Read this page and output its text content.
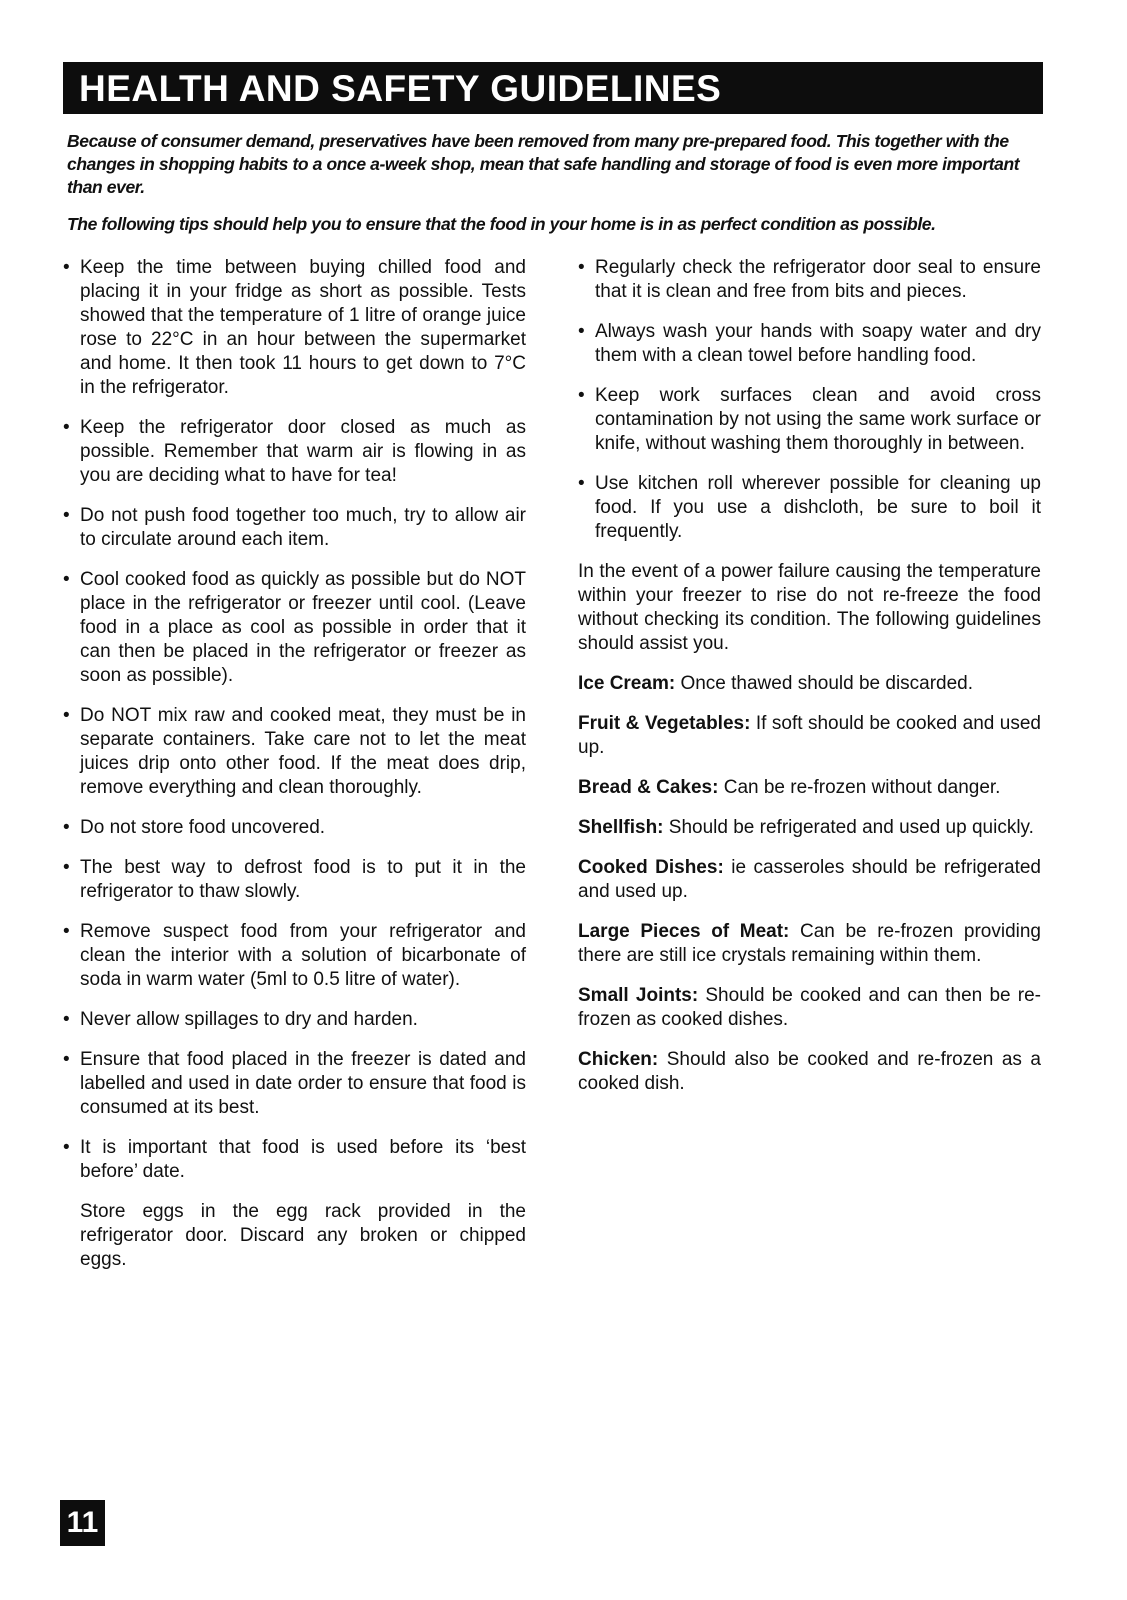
HEALTH AND SAFETY GUIDELINES

Because of consumer demand, preservatives have been removed from many pre-prepared food. This together with the changes in shopping habits to a once a-week shop, mean that safe handling and storage of food is even more important than ever.

The following tips should help you to ensure that the food in your home is in as perfect condition as possible.

• Keep the time between buying chilled food and placing it in your fridge as short as possible. Tests showed that the temperature of 1 litre of orange juice rose to 22°C in an hour between the supermarket and home. It then took 11 hours to get down to 7°C in the refrigerator.
• Keep the refrigerator door closed as much as possible. Remember that warm air is flowing in as you are deciding what to have for tea!
• Do not push food together too much, try to allow air to circulate around each item.
• Cool cooked food as quickly as possible but do NOT place in the refrigerator or freezer until cool. (Leave food in a place as cool as possible in order that it can then be placed in the refrigerator or freezer as soon as possible).
• Do NOT mix raw and cooked meat, they must be in separate containers. Take care not to let the meat juices drip onto other food. If the meat does drip, remove everything and clean thoroughly.
• Do not store food uncovered.
• The best way to defrost food is to put it in the refrigerator to thaw slowly.
• Remove suspect food from your refrigerator and clean the interior with a solution of bicarbonate of soda in warm water (5ml to 0.5 litre of water).
• Never allow spillages to dry and harden.
• Ensure that food placed in the freezer is dated and labelled and used in date order to ensure that food is consumed at its best.
• It is important that food is used before its ‘best before’ date.

Store eggs in the egg rack provided in the refrigerator door. Discard any broken or chipped eggs.

• Regularly check the refrigerator door seal to ensure that it is clean and free from bits and pieces.
• Always wash your hands with soapy water and dry them with a clean towel before handling food.
• Keep work surfaces clean and avoid cross contamination by not using the same work surface or knife, without washing them thoroughly in between.
• Use kitchen roll wherever possible for cleaning up food. If you use a dishcloth, be sure to boil it frequently.

In the event of a power failure causing the temperature within your freezer to rise do not re-freeze the food without checking its condition. The following guidelines should assist you.

Ice Cream: Once thawed should be discarded.

Fruit & Vegetables: If soft should be cooked and used up.

Bread & Cakes: Can be re-frozen without danger.

Shellfish: Should be refrigerated and used up quickly.

Cooked Dishes: ie casseroles should be refrigerated and used up.

Large Pieces of Meat: Can be re-frozen providing there are still ice crystals remaining within them.

Small Joints: Should be cooked and can then be re-frozen as cooked dishes.

Chicken: Should also be cooked and re-frozen as a cooked dish.

11
